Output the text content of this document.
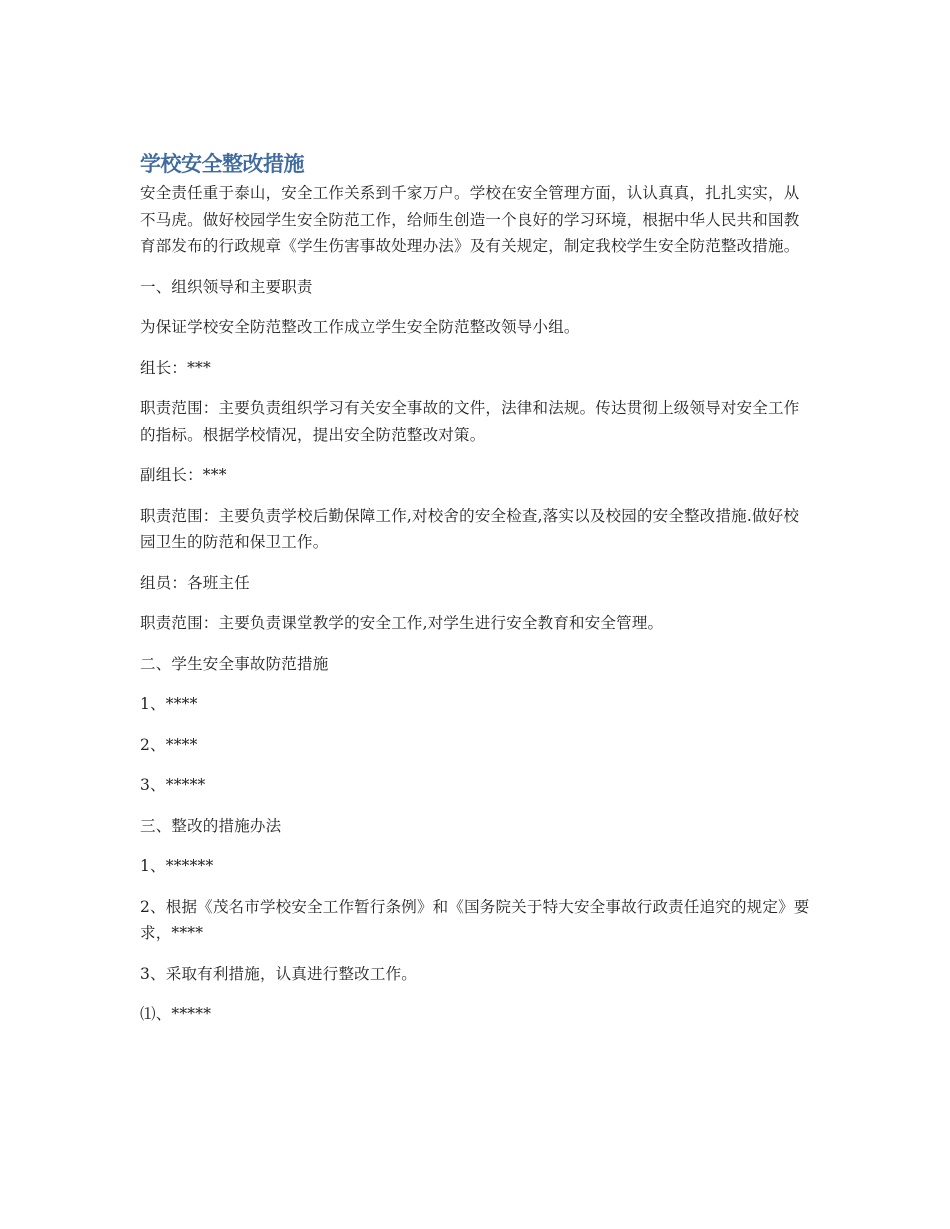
学校安全整改措施

安全责任重于泰山，安全工作关系到千家万户。学校在安全管理方面，认认真真，扎扎实实，从不马虎。做好校园学生安全防范工作，给师生创造一个良好的学习环境，根据中华人民共和国教育部发布的行政规章《学生伤害事故处理办法》及有关规定，制定我校学生安全防范整改措施。

一、组织领导和主要职责

为保证学校安全防范整改工作成立学生安全防范整改领导小组。

组长：***

职责范围：主要负责组织学习有关安全事故的文件，法律和法规。传达贯彻上级领导对安全工作的指标。根据学校情况，提出安全防范整改对策。

副组长：***

职责范围：主要负责学校后勤保障工作,对校舍的安全检查,落实以及校园的安全整改措施.做好校园卫生的防范和保卫工作。

组员：各班主任

职责范围：主要负责课堂教学的安全工作,对学生进行安全教育和安全管理。

二、学生安全事故防范措施

1、****

2、****

3、*****

三、整改的措施办法

1、******

2、根据《茂名市学校安全工作暂行条例》和《国务院关于特大安全事故行政责任追究的规定》要求，****

3、采取有利措施，认真进行整改工作。

⑴、*****
